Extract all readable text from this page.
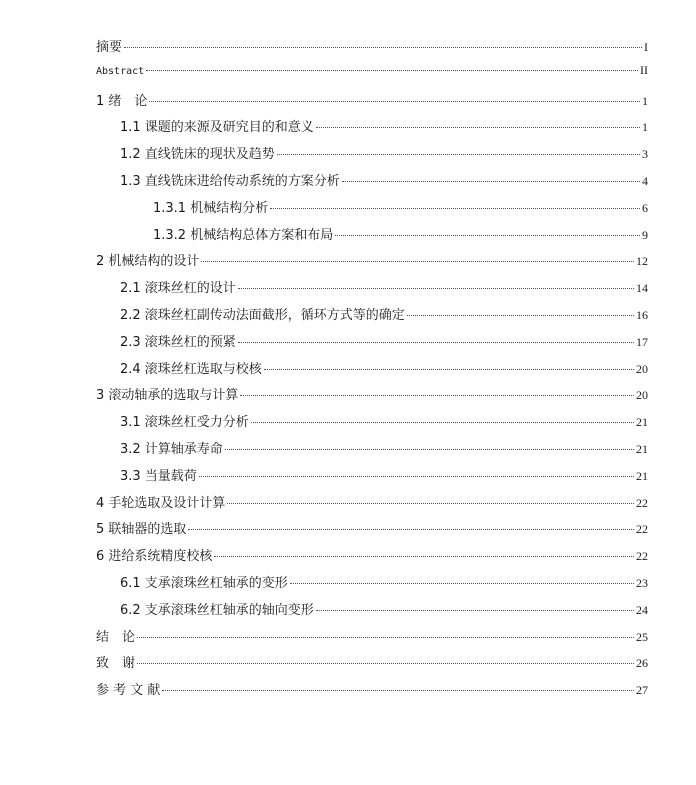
摘要	I
Abstract	II
1 绪　论	1
1.1 课题的来源及研究目的和意义	1
1.2 直线铣床的现状及趋势	3
1.3 直线铣床进给传动系统的方案分析	4
1.3.1 机械结构分析	6
1.3.2 机械结构总体方案和布局	9
2 机械结构的设计	12
2.1 滚珠丝杠的设计	14
2.2 滚珠丝杠副传动法面截形，循环方式等的确定	16
2.3 滚珠丝杠的预紧	17
2.4 滚珠丝杠选取与校核	20
3 滚动轴承的选取与计算	20
3.1 滚珠丝杠受力分析	21
3.2 计算轴承寿命	21
3.3 当量载荷	21
4 手轮选取及设计计算	22
5 联轴器的选取	22
6 进给系统精度校核	22
6.1 支承滚珠丝杠轴承的变形	23
6.2 支承滚珠丝杠轴承的轴向变形	24
结　论	25
致　谢	26
参 考 文 献	27
